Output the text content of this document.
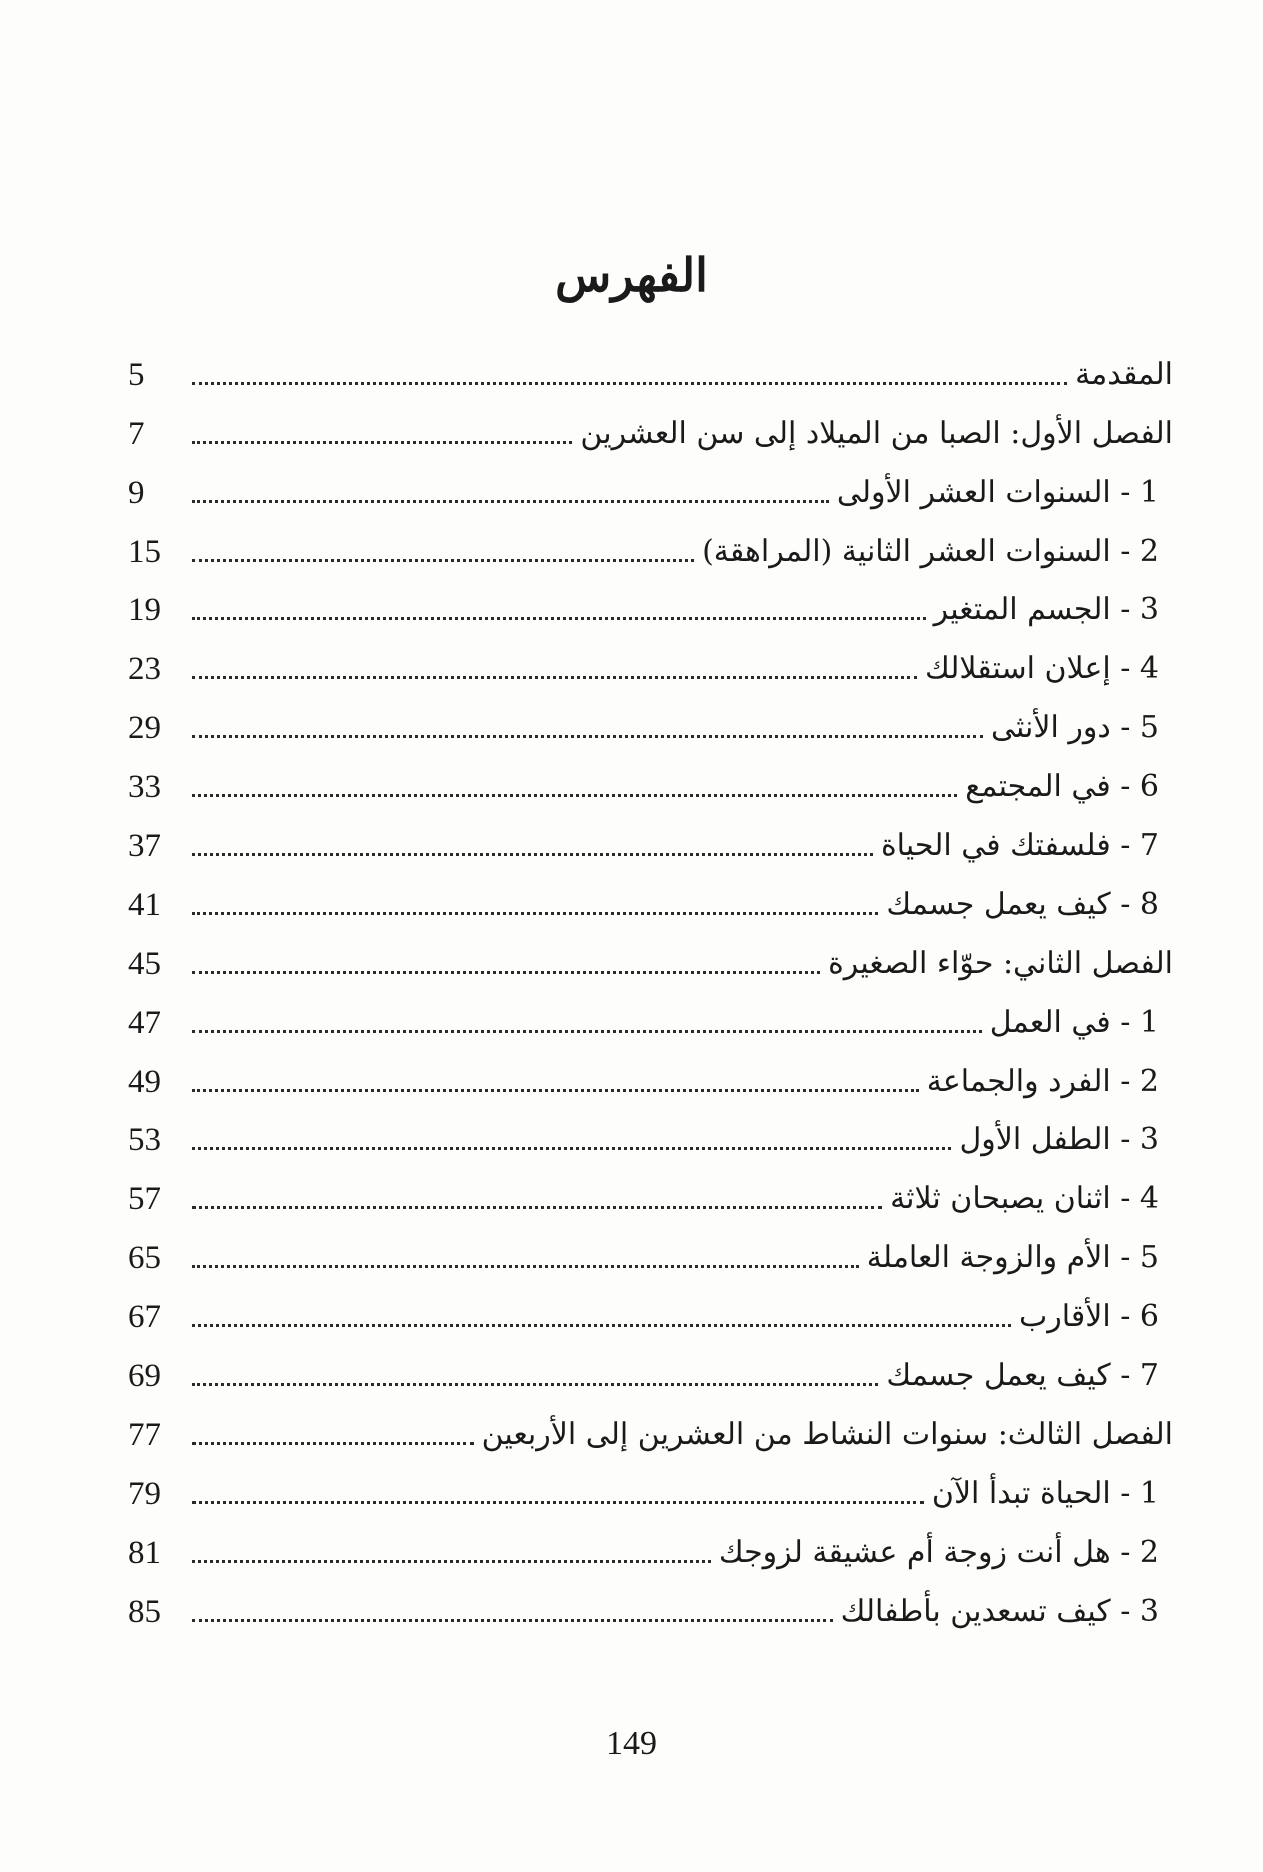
الفهرس
المقدمة
5
الفصل الأول: الصبا من الميلاد إلى سن العشرين
7
1 - السنوات العشر الأولى
9
2 - السنوات العشر الثانية (المراهقة)
15
3 - الجسم المتغير
19
4 - إعلان استقلالك
23
5 - دور الأنثى
29
6 - في المجتمع
33
7 - فلسفتك في الحياة
37
8 - كيف يعمل جسمك
41
الفصل الثاني: حوّاء الصغيرة
45
1 - في العمل
47
2 - الفرد والجماعة
49
3 - الطفل الأول
53
4 - اثنان يصبحان ثلاثة
57
5 - الأم والزوجة العاملة
65
6 - الأقارب
67
7 - كيف يعمل جسمك
69
الفصل الثالث: سنوات النشاط من العشرين إلى الأربعين
77
1 - الحياة تبدأ الآن
79
2 - هل أنت زوجة أم عشيقة لزوجك
81
3 - كيف تسعدين بأطفالك
85
149
